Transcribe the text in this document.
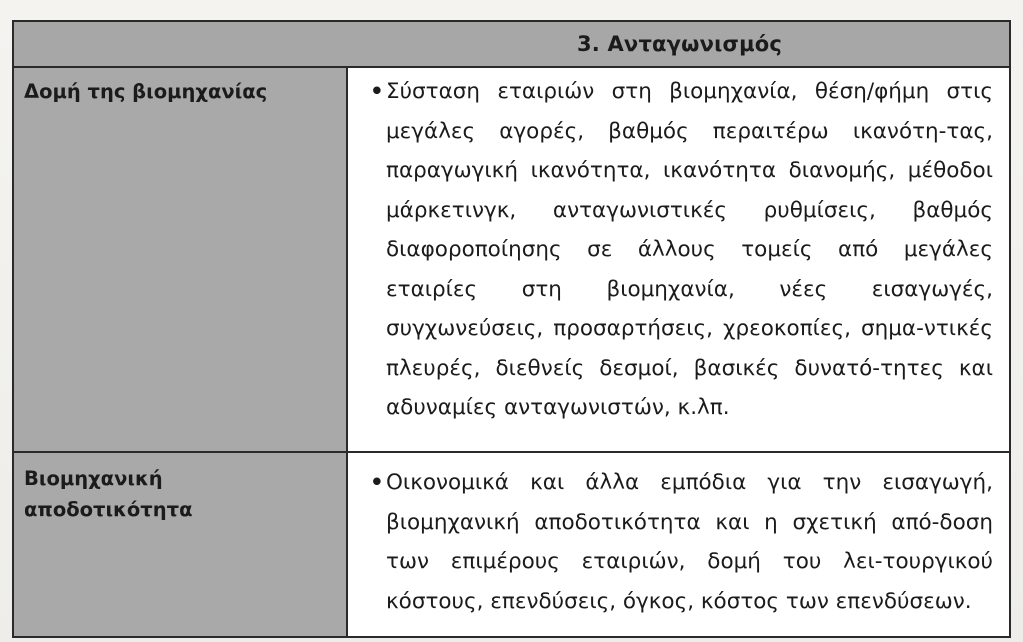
3. Ανταγωνισμός
Δομή της βιομηχανίας	• Σύσταση εταιριών στη βιομηχανία, θέση/φήμη στις μεγάλες αγορές, βαθμός περαιτέρω ικανότη-τας, παραγωγική ικανότητα, ικανότητα διανομής, μέθοδοι μάρκετινγκ, ανταγωνιστικές ρυθμίσεις, βαθμός διαφοροποίησης σε άλλους τομείς από μεγάλες εταιρίες στη βιομηχανία, νέες εισαγωγές, συγχωνεύσεις, προσαρτήσεις, χρεοκοπίες, σημα-ντικές πλευρές, διεθνείς δεσμοί, βασικές δυνατό-τητες και αδυναμίες ανταγωνιστών, κ.λπ.

Βιομηχανική αποδοτικότητα

• Οικονομικά και άλλα εμπόδια για την εισαγωγή, βιομηχανική αποδοτικότητα και η σχετική από-δοση των επιμέρους εταιριών, δομή του λει-τουργικού κόστους, επενδύσεις, όγκος, κόστος των επενδύσεων.
